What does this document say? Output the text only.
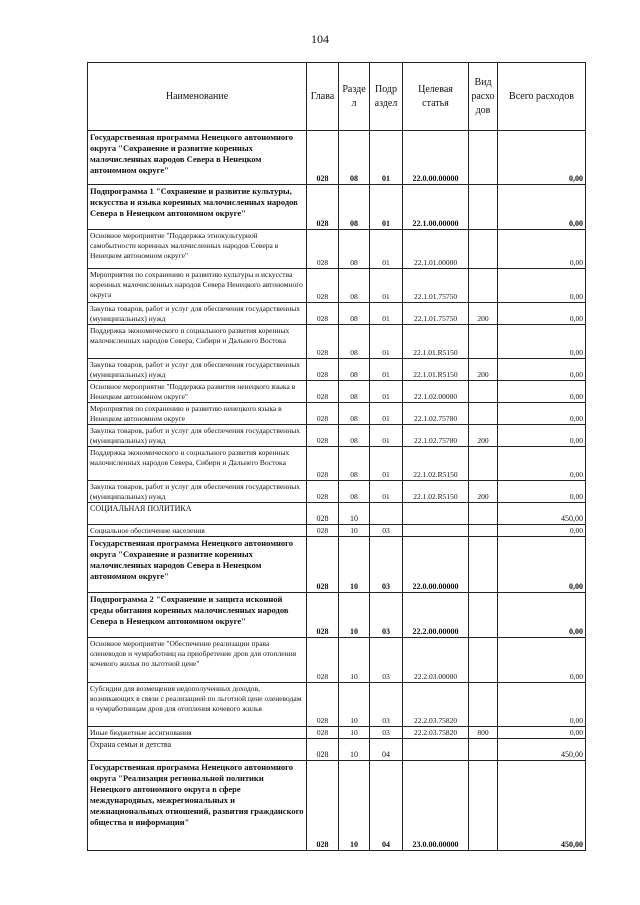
104
Наименование	Глава	Разде л	Подр аздел	Целевая статья	Вид расхо дов	Всего расходов
Государственная программа Ненецкого автономного округа "Сохранение и развитие коренных малочисленных народов Севера в Ненецком автономном округе"	028	08	01	22.0.00.00000		0,00
Подпрограмма 1 "Сохранение и развитие культуры, искусства и языка коренных малочисленных народов Севера в Ненецком автономном округе"	028	08	01	22.1.00.00000		0,00
Основное мероприятие "Поддержка этнокультурной самобытности коренных малочисленных народов Севера в Ненецком автономном округе"	028	08	01	22.1.01.00000		0,00
Мероприятия по сохранению и развитию культуры и искусства коренных малочисленных народов Севера Ненецкого автономного округа	028	08	01	22.1.01.75750		0,00
Закупка товаров, работ и услуг для обеспечения государственных (муниципальных) нужд	028	08	01	22.1.01.75750	200	0,00
Поддержка экономического и социального развития коренных малочисленных народов Севера, Сибири и Дальнего Востока	028	08	01	22.1.01.R5150		0,00
Закупка товаров, работ и услуг для обеспечения государственных (муниципальных) нужд	028	08	01	22.1.01.R5150	200	0,00
Основное мероприятие "Поддержка развития ненецкого языка в Ненецком автономном округе"	028	08	01	22.1.02.00000		0,00
Мероприятия по сохранению и развитию ненецкого языка в Ненецком автономном округе	028	08	01	22.1.02.75780		0,00
Закупка товаров, работ и услуг для обеспечения государственных (муниципальных) нужд	028	08	01	22.1.02.75780	200	0,00
Поддержка экономического и социального развития коренных малочисленных народов Севера, Сибири и Дальнего Востока	028	08	01	22.1.02.R5150		0,00
Закупка товаров, работ и услуг для обеспечения государственных (муниципальных) нужд	028	08	01	22.1.02.R5150	200	0,00
СОЦИАЛЬНАЯ ПОЛИТИКА	028	10				450,00
Социальное обеспечение населения	028	10	03			0,00
Государственная программа Ненецкого автономного округа "Сохранение и развитие коренных малочисленных народов Севера в Ненецком автономном округе"	028	10	03	22.0.00.00000		0,00
Подпрограмма 2 "Сохранение и защита исконной среды обитания коренных малочисленных народов Севера в Ненецком автономном округе"	028	10	03	22.2.00.00000		0,00
Основное мероприятие "Обеспечение реализации права оленеводов и чумработниц на приобретение дров для отопления кочевого жилья по льготной цене"	028	10	03	22.2.03.00000		0,00
Субсидии для возмещения недополученных доходов, возникающих в связи с реализацией по льготной цене оленеводам и чумработницам дров для отопления кочевого жилья	028	10	03	22.2.03.75820		0,00
Иные бюджетные ассигнования	028	10	03	22.2.03.75820	800	0,00
Охрана семьи и детства	028	10	04			450,00
Государственная программа Ненецкого автономного округа "Реализация региональной политики Ненецкого автономного округа в сфере международных, межрегиональных и межнациональных отношений, развития гражданского общества и информации"	028	10	04	23.0.00.00000		450,00
